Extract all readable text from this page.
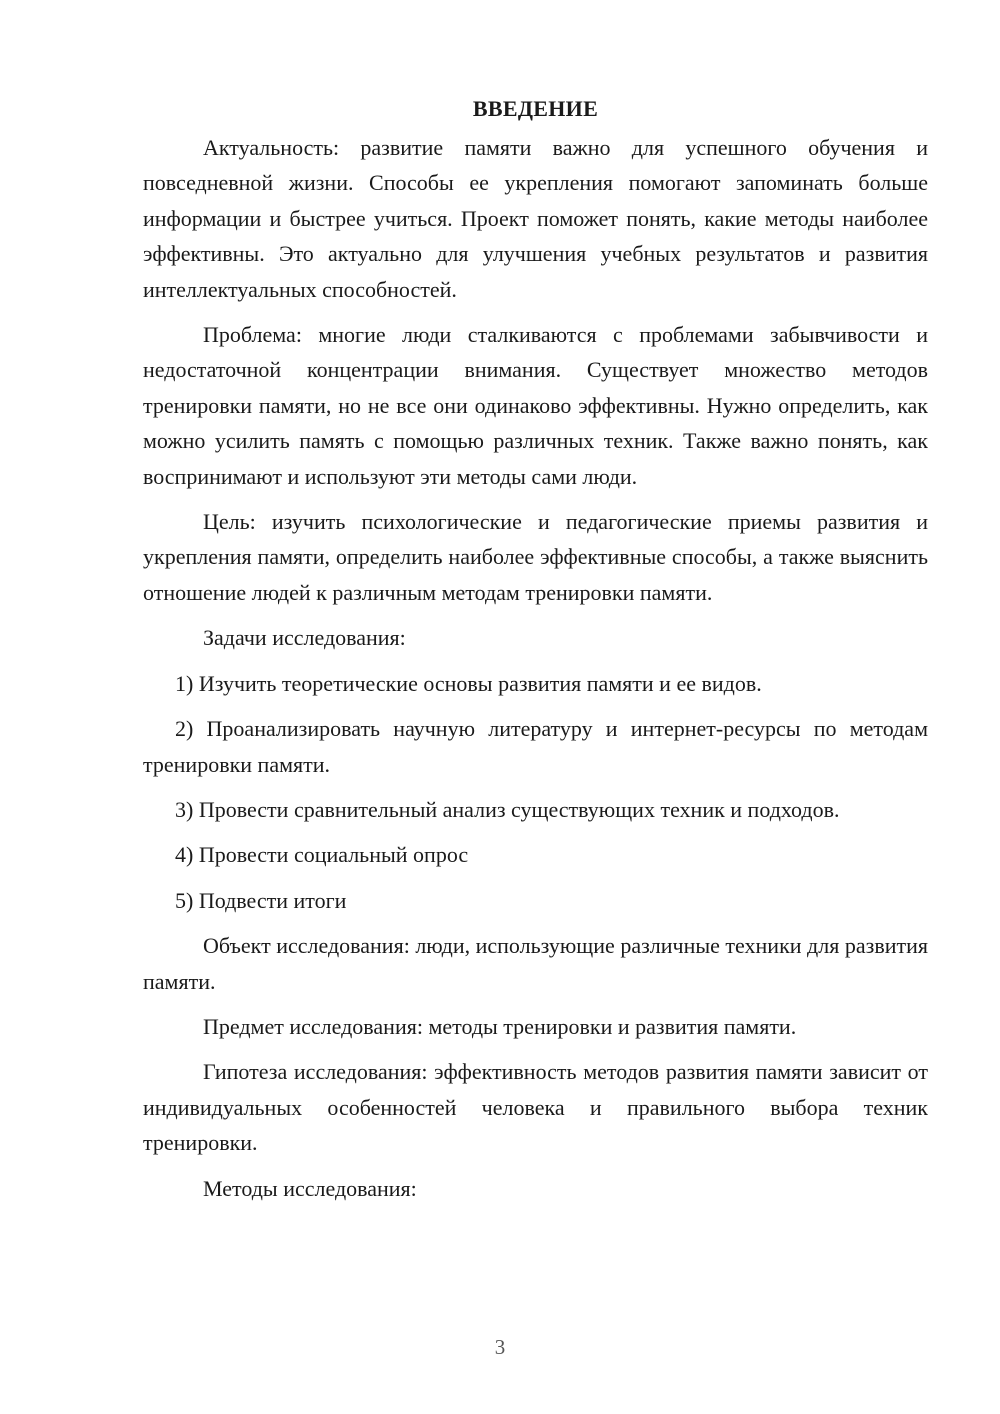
ВВЕДЕНИЕ

Актуальность: развитие памяти важно для успешного обучения и повседневной жизни. Способы ее укрепления помогают запоминать больше информации и быстрее учиться. Проект поможет понять, какие методы наиболее эффективны. Это актуально для улучшения учебных результатов и развития интеллектуальных способностей.

Проблема: многие люди сталкиваются с проблемами забывчивости и недостаточной концентрации внимания. Существует множество методов тренировки памяти, но не все они одинаково эффективны. Нужно определить, как можно усилить память с помощью различных техник. Также важно понять, как воспринимают и используют эти методы сами люди.

Цель: изучить психологические и педагогические приемы развития и укрепления памяти, определить наиболее эффективные способы, а также выяснить отношение людей к различным методам тренировки памяти.

Задачи исследования:

1) Изучить теоретические основы развития памяти и ее видов.

2) Проанализировать научную литературу и интернет-ресурсы по методам тренировки памяти.

3) Провести сравнительный анализ существующих техник и подходов.

4) Провести социальный опрос

5) Подвести итоги

Объект исследования: люди, использующие различные техники для развития памяти.

Предмет исследования: методы тренировки и развития памяти.

Гипотеза исследования: эффективность методов развития памяти зависит от индивидуальных особенностей человека и правильного выбора техник тренировки.

Методы исследования:

3
